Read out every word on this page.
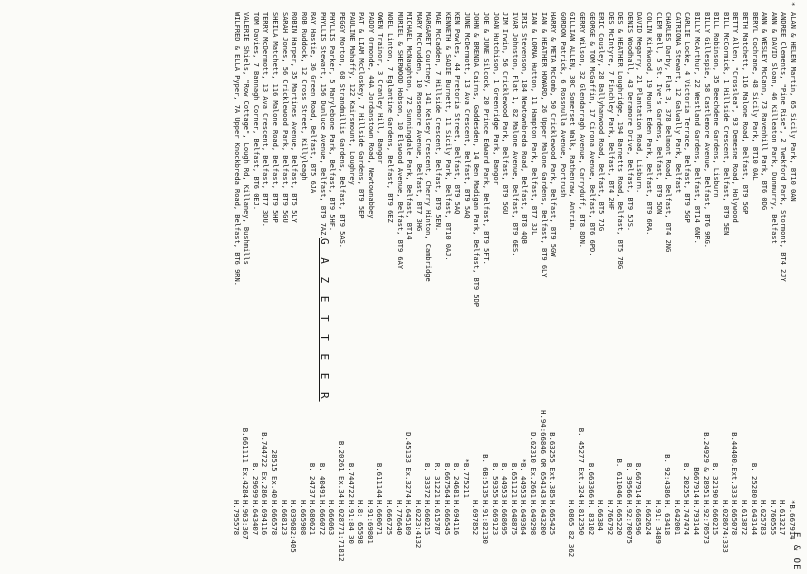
G A Z E T T E E R
E & OE
*
ALAN & HELEN Martin, 65 Sicily Park, BT10 0AN
*B.667914
ANDREE Clements, "Pine Rise", 2 Twekford Park, Stormont, BT4 2JY
H.613217
ANN & DAVID Sloan, 46 Killeaton Park, Dunmurry, Belfast
H.760555
ANN & WESLEY McCann, 73 Ravenhill Park, BT6 0DG
H.625783
BERYL Cochrane, 48 Sicily Park, BT10 0AL
B. 25280
H.643144
BETH Matchett, 116 Malone Road, Belfast, BT9 5GP
H.613872
BETTY Allen, "Crosslea", 93 Demesne Road, Holywood
B.44400.Ext.333
H.665078
BILL McCormick, 1 Hillside Crescent, Belfast, BT9 5EN
H.028674:333
BILL Robinson, 35 Beechdene Gardens, Lisburn
B. 32190
H.660215
BILLY Gillespie, 58 Castlemore Avenue, Belfast, BT6 9RG.
B.24929 & 28951
H.92:70573
BILLY McArthur, 22 Westland Gardens, Belfast, BT14 6NF.
B667914
H.793144
CARLIE Locke, 4 Victoria Terrace, Belfast, BT9 5GP
B. 20255
H.747474
CATRIONA Stewart, 12 Galwally Park, Belfast
H.642001
CHARLES Darby, Flat 3, 378 Belmont Road, Belfast, BT4 2NG
B. 92:4386
H. 63418
CLEM Bell, 5 St. Ive's Gardens, Belfast, BT9 5DN
H.91: 3489
COLIN Kirkwood, 19 Mount Eden Park, Belfast, BT9 6RA.
H.662624
DAVID Megarry, 21 Plantation Road, Lisburn.
B.667914
H.668596
DENIS Woodhall, 43 Deramore Drive, Belfast, BT9 5JS.
B. 39566
H.92:70075
DES & HEATHER Loughridge, 194 Barnetts Road, Belfast, BT5 7BG
B. 611046
H.665220
DES McIntyre, 7 Finchley Park, Belfast, BT4 2HF
H.766792
ERIC Cousley, 28 Ballyhanwood Road, Belfast, BT5 7JG
H.66384
GEORGE & TOM McGaffin, 17 Cirona Avenue, Belfast, BT6 6PD.
B.663366
H. 83102
GERRY Wilson, 32 Glendarragh Avenue, Carryduff, BT8 8DN.
B. 45277 Ext.324
H.812350
GILLIAN ALLEN, 30C Somerset Walk, Rathenraw, Antrim.
H.0865 82 362
GORDON Patrick, 6 Rossnulla Avenue, Portrush
HARRY & META McComb, 50 Cricklewood Park, Belfast, BT9 5GW
B.63255 Ext.385
H.665425
IAN & HEATHER HOWARD, 26 Upper Malone Gardens, Belfast, BT9 6LY
H.94:66846 OR 654143
H.643200
IAN & LORNA Hutton, 11 Hampton Park, Belfast, BT7 3JL
D.62310 Ex.2661
H.649298
IRIS Stevenson, 184 Newtownbreda Road, Belfast, BT8 4QB
*B. 44953
H.649364
IVAR Johnston, Flat 1, 82 Malone Avenue, Belfast, BT9 6ES.
B.651121
H.648875
JIM Irwin, 56 Cricklewood Park, Belfast, BT9 5GU
B. 44953
H.668695
JOAN Hutchison, 1 Greenridge Park, Bangor
B. 59355
H.669123
JOE & JUNE Silcock, 20 Prince Edward Park, Belfast, BT9 5FT.
B. 6B:5135
H.91:82130
JOHN & BRENDA Cairns, Gaddesden, 14 Ben Madigan Park, Belfast, BT9 5DP
H.697852
JUNE McDermott, 13 Ava Crescent, Belfast, BT9 5AQ
*B.775211
KEN Powles, 44 Pretoria Street, Belfast, BT9 5AQ
B. 24681
H.694116
KENNETH & SADIE Burnett, 11 Sicily Park, Belfast, BT10 0AJ.
B.667564
H.666545
MAE McCadden, 7 Hillside Crescent, Belfast, BT9 5EN.
R. 31221
H.615787
MARGARET Courtney, 141 Kelsey Crescent, Cherry Hinton, Cambridge
B. 33372
H.660215
MARY McCrudden, 10 Rosemore Avenue, Belfast, BT7 3HG
H.0223:4132
MICHAEL McNaughton, 72 Sunningdale Park, Belfast, BT14
D.45133 Ex.3274
H.645109
MURIEL & SHERWOOD Hobson, 10 Elswood Avenue, Belfast, BT9 6AY
H.776640
NOEL Linton, 7 Eglantine Gardens, Belfast, BT9 6EZ
H.666725
OWEN Trainor, 3 Cranley Hill, Bangor
B.611144
H.660671
PADDY Ormonde, 44A Jordanstown Road, Newtownabbey
H.91:69801
PAT & LIAM McCloskey, 7 Hillside Gardens, BT9 5EP
H.8: 65598
PAULINE Mahaffy, 122 Kairsmount, Loughrey
B.744722
H.91:84 30
PEGGY Morton, 68 Strandmillis Gardens, Belfast, BT9 5AS.
B.20261 Ex.34
H.028771:71812
PHYLLIS Parker, 5 Marylebone Park, Belfast, BT9 5HF.
H.666063
PHYLLIS Stewart, 156 Dunluce Avenue, Belfast, BT9 7AZ.
B. 40491
H.666072
RAY Hastie, 36 Green Road, Belfast, BT5 6JA
B. 24737
H.680621
ROB Ruddock, 12 Cross Street, Killyleagh
H.665908
ROBIN Harper, 35 Martines Avenue, Belfast, BT5 5LY
H.039682:405
SARAH Jones, 56 Cricklewood Park, Belfast, BT9 5GU
H.668123
SHEILA Matchett, 116 Malone Road, Belfast, BT9 5HP
28515 Ex.40
H.666578
TERRY McDermott, 13 Ava Crescent, Belfast, BT7 3DU.
B.744722 Ex.286
H.694116
TOM Davies, 7 Bannagh Corner, Belfast, BT6 0EJ.
B. 29699
H.643407
VALERIE Shiels, "Row Cottage", Lough Rd, Killaney, Bushmills
B.661111 Ex.4284
H.963:367
WILFRED & ELLA Pyper, 7A Upper Knockbreda Road, Belfast, BT6 9RN.
H.795578
